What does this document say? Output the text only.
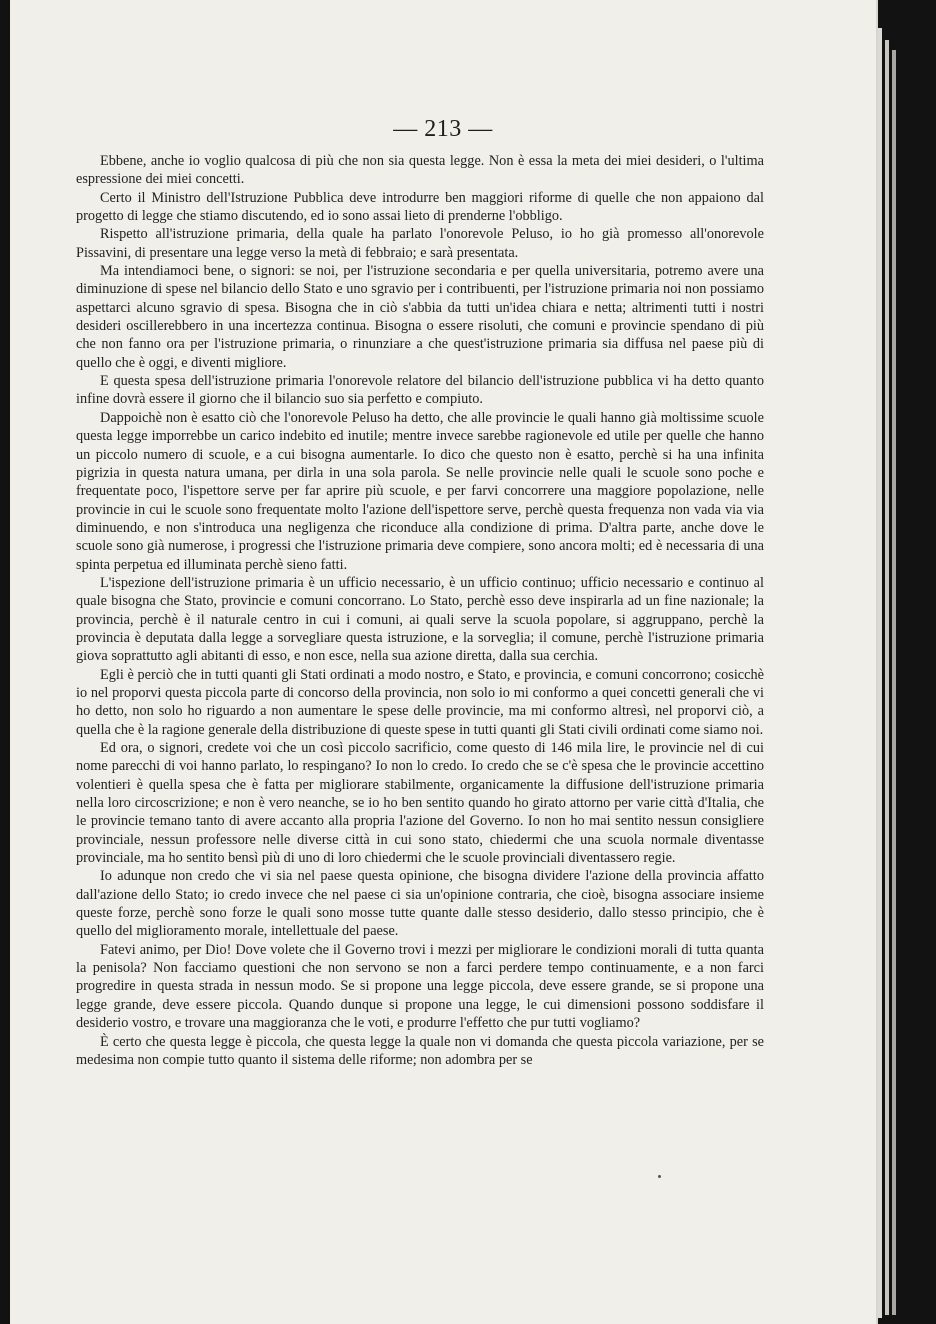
— 213 —

Ebbene, anche io voglio qualcosa di più che non sia questa legge. Non è essa la meta dei miei desideri, o l'ultima espressione dei miei concetti.

Certo il Ministro dell'Istruzione Pubblica deve introdurre ben maggiori riforme di quelle che non appaiono dal progetto di legge che stiamo discutendo, ed io sono assai lieto di prenderne l'obbligo.

Rispetto all'istruzione primaria, della quale ha parlato l'onorevole Peluso, io ho già promesso all'onorevole Pissavini, di presentare una legge verso la metà di febbraio; e sarà presentata.

Ma intendiamoci bene, o signori: se noi, per l'istruzione secondaria e per quella universitaria, potremo avere una diminuzione di spese nel bilancio dello Stato e uno sgravio per i contribuenti, per l'istruzione primaria noi non possiamo aspettarci alcuno sgravio di spesa. Bisogna che in ciò s'abbia da tutti un'idea chiara e netta; altrimenti tutti i nostri desideri oscillerebbero in una incertezza continua. Bisogna o essere risoluti, che comuni e provincie spendano di più che non fanno ora per l'istruzione primaria, o rinunziare a che quest'istruzione primaria sia diffusa nel paese più di quello che è oggi, e diventi migliore.

E questa spesa dell'istruzione primaria l'onorevole relatore del bilancio dell'istruzione pubblica vi ha detto quanto infine dovrà essere il giorno che il bilancio suo sia perfetto e compiuto.

Dappoichè non è esatto ciò che l'onorevole Peluso ha detto, che alle provincie le quali hanno già moltissime scuole questa legge imporrebbe un carico indebito ed inutile; mentre invece sarebbe ragionevole ed utile per quelle che hanno un piccolo numero di scuole, e a cui bisogna aumentarle. Io dico che questo non è esatto, perchè si ha una infinita pigrizia in questa natura umana, per dirla in una sola parola. Se nelle provincie nelle quali le scuole sono poche e frequentate poco, l'ispettore serve per far aprire più scuole, e per farvi concorrere una maggiore popolazione, nelle provincie in cui le scuole sono frequentate molto l'azione dell'ispettore serve, perchè questa frequenza non vada via via diminuendo, e non s'introduca una negligenza che riconduce alla condizione di prima. D'altra parte, anche dove le scuole sono già numerose, i progressi che l'istruzione primaria deve compiere, sono ancora molti; ed è necessaria di una spinta perpetua ed illuminata perchè sieno fatti.

L'ispezione dell'istruzione primaria è un ufficio necessario, è un ufficio continuo; ufficio necessario e continuo al quale bisogna che Stato, provincie e comuni concorrano. Lo Stato, perchè esso deve inspirarla ad un fine nazionale; la provincia, perchè è il naturale centro in cui i comuni, ai quali serve la scuola popolare, si aggruppano, perchè la provincia è deputata dalla legge a sorvegliare questa istruzione, e la sorveglia; il comune, perchè l'istruzione primaria giova soprattutto agli abitanti di esso, e non esce, nella sua azione diretta, dalla sua cerchia.

Egli è perciò che in tutti quanti gli Stati ordinati a modo nostro, e Stato, e provincia, e comuni concorrono; cosicchè io nel proporvi questa piccola parte di concorso della provincia, non solo io mi conformo a quei concetti generali che vi ho detto, non solo ho riguardo a non aumentare le spese delle provincie, ma mi conformo altresì, nel proporvi ciò, a quella che è la ragione generale della distribuzione di queste spese in tutti quanti gli Stati civili ordinati come siamo noi.

Ed ora, o signori, credete voi che un così piccolo sacrificio, come questo di 146 mila lire, le provincie nel di cui nome parecchi di voi hanno parlato, lo respingano? Io non lo credo. Io credo che se c'è spesa che le provincie accettino volentieri è quella spesa che è fatta per migliorare stabilmente, organicamente la diffusione dell'istruzione primaria nella loro circoscrizione; e non è vero neanche, se io ho ben sentito quando ho girato attorno per varie città d'Italia, che le provincie temano tanto di avere accanto alla propria l'azione del Governo. Io non ho mai sentito nessun consigliere provinciale, nessun professore nelle diverse città in cui sono stato, chiedermi che una scuola normale diventasse provinciale, ma ho sentito bensì più di uno di loro chiedermi che le scuole provinciali diventassero regie.

Io adunque non credo che vi sia nel paese questa opinione, che bisogna dividere l'azione della provincia affatto dall'azione dello Stato; io credo invece che nel paese ci sia un'opinione contraria, che cioè, bisogna associare insieme queste forze, perchè sono forze le quali sono mosse tutte quante dalle stesso desiderio, dallo stesso principio, che è quello del miglioramento morale, intellettuale del paese.

Fatevi animo, per Dio! Dove volete che il Governo trovi i mezzi per migliorare le condizioni morali di tutta quanta la penisola? Non facciamo questioni che non servono se non a farci perdere tempo continuamente, e a non farci progredire in questa strada in nessun modo. Se si propone una legge piccola, deve essere grande, se si propone una legge grande, deve essere piccola. Quando dunque si propone una legge, le cui dimensioni possono soddisfare il desiderio vostro, e trovare una maggioranza che le voti, e produrre l'effetto che pur tutti vogliamo?

È certo che questa legge è piccola, che questa legge la quale non vi domanda che questa piccola variazione, per se medesima non compie tutto quanto il sistema delle riforme; non adombra per se
